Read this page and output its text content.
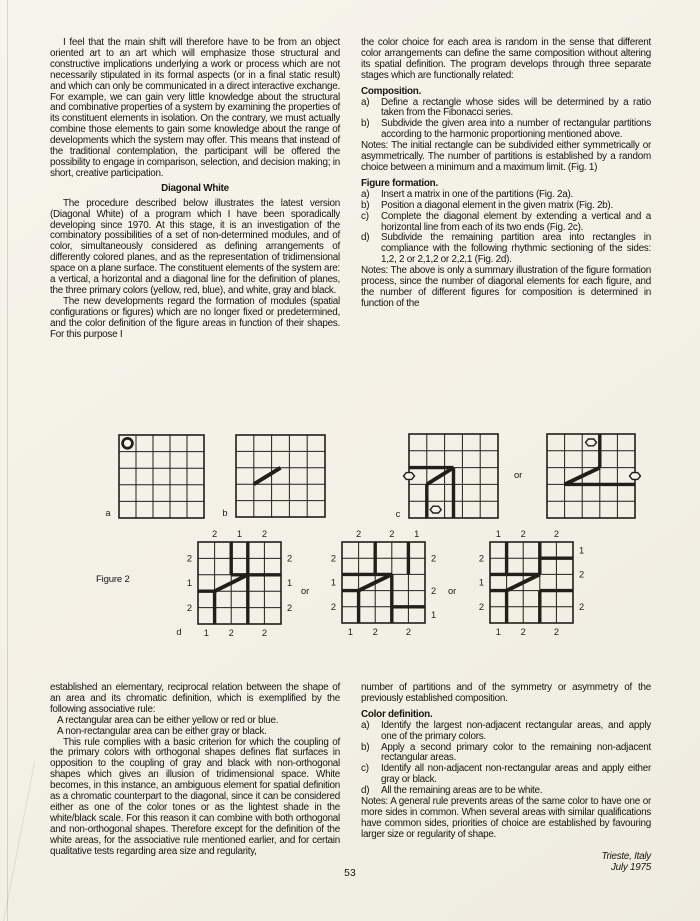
I feel that the main shift will therefore have to be from an object oriented art to an art which will emphasize those structural and constructive implications underlying a work or process which are not necessarily stipulated in its formal aspects (or in a final static result) and which can only be communicated in a direct interactive exchange. For example, we can gain very little knowledge about the structural and combinative properties of a system by examining the properties of its constituent elements in isolation. On the contrary, we must actually combine those elements to gain some knowledge about the range of developments which the system may offer. This means that instead of the traditional contemplation, the participant will be offered the possibility to engage in comparison, selection, and decision making; in short, creative participation.

Diagonal White

The procedure described below illustrates the latest version (Diagonal White) of a program which I have been sporadically developing since 1970. At this stage, it is an investigation of the combinatory possibilities of a set of non-determined modules, and of color, simultaneously considered as defining arrangements of differently colored planes, and as the representation of tridimensional space on a plane surface. The constituent elements of the system are: a vertical, a horizontal and a diagonal line for the definition of planes, the three primary colors (yellow, red, blue), and white, gray and black.

The new developments regard the formation of modules (spatial configurations or figures) which are no longer fixed or predetermined, and the color definition of the figure areas in function of their shapes. For this purpose I

the color choice for each area is random in the sense that different color arrangements can define the same composition without altering its spatial definition. The program develops through three separate stages which are functionally related:

Composition.

a)	Define a rectangle whose sides will be determined by a ratio taken from the Fibonacci series.
b)	Subdivide the given area into a number of rectangular partitions according to the harmonic proportioning mentioned above.

Notes: The initial rectangle can be subdivided either symmetrically or asymmetrically. The number of partitions is established by a random choice between a minimum and a maximum limit. (Fig. 1)

Figure formation.

a)	Insert a matrix in one of the partitions (Fig. 2a).
b)	Position a diagonal element in the given matrix (Fig. 2b).
c)	Complete the diagonal element by extending a vertical and a horizontal line from each of its two ends (Fig. 2c).
d)	Subdivide the remaining partition area into rectangles in compliance with the following rhythmic sectioning of the sides: 1,2, 2 or 2,1,2 or 2,2,1 (Fig. 2d).

Notes: The above is only a summary illustration of the figure formation process, since the number of diagonal elements for each figure, and the number of different figures for composition is determined in function of the

Figure 2
or
or	or
a	b	c
2 1 2
1 2	2
2
1
2
2
1
2
d
2	2 1
1 2	2
2
1
2
2
2
1
1 2	2
1 2	2
2
1
2
1
2
2

established an elementary, reciprocal relation between the shape of an area and its chromatic definition, which is exemplified by the following associative rule:

A rectangular area can be either yellow or red or blue.

A non-rectangular area can be either gray or black.

This rule complies with a basic criterion for which the coupling of the primary colors with orthogonal shapes defines flat surfaces in opposition to the coupling of gray and black with non-orthogonal shapes which gives an illusion of tridimensional space. White becomes, in this instance, an ambiguous element for spatial definition as a chromatic counterpart to the diagonal, since it can be considered either as one of the color tones or as the lightest shade in the white/black scale. For this reason it can combine with both orthogonal and non-orthogonal shapes. Therefore except for the definition of the white areas, for the associative rule mentioned earlier, and for certain qualitative tests regarding area size and regularity,

number of partitions and of the symmetry or asymmetry of the previously established composition.

Color definition.

a)	Identify the largest non-adjacent rectangular areas, and apply one of the primary colors.
b)	Apply a second primary color to the remaining non-adjacent rectangular areas.
c)	Identify all non-adjacent non-rectangular areas and apply either gray or black.
d)	All the remaining areas are to be white.

Notes: A general rule prevents areas of the same color to have one or more sides in common. When several areas with similar qualifications have common sides, priorities of choice are established by favouring larger size or regularity of shape.

Trieste, Italy

July 1975

53
